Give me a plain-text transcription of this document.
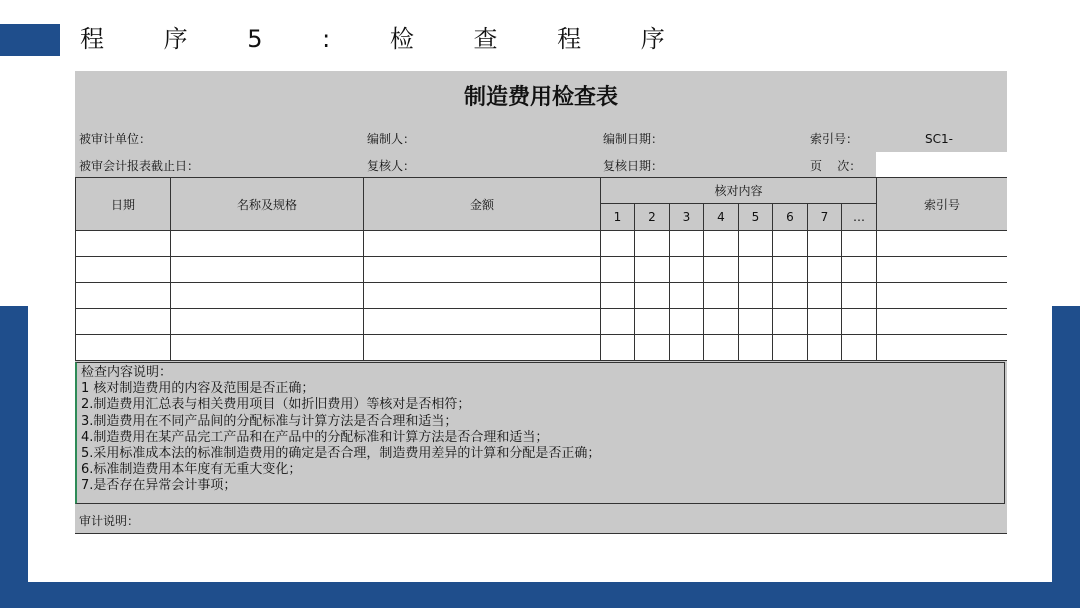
程 序 5 : 检 查 程 序
制造费用检查表
被审计单位：	编制人：	编制日期：	索引号：	SC1-
被审会计报表截止日：	复核人：	复核日期：	页    次：
日期	名称及规格	金额	核对内容								索引号
			1	2	3	4	5	6	7	…	

检查内容说明：
1 核对制造费用的内容及范围是否正确；
2.制造费用汇总表与相关费用项目（如折旧费用）等核对是否相符；
3.制造费用在不同产品间的分配标准与计算方法是否合理和适当；
4.制造费用在某产品完工产品和在产品中的分配标准和计算方法是否合理和适当；
5.采用标准成本法的标准制造费用的确定是否合理，制造费用差异的计算和分配是否正确；
6.标准制造费用本年度有无重大变化；
7.是否存在异常会计事项；
审计说明：
